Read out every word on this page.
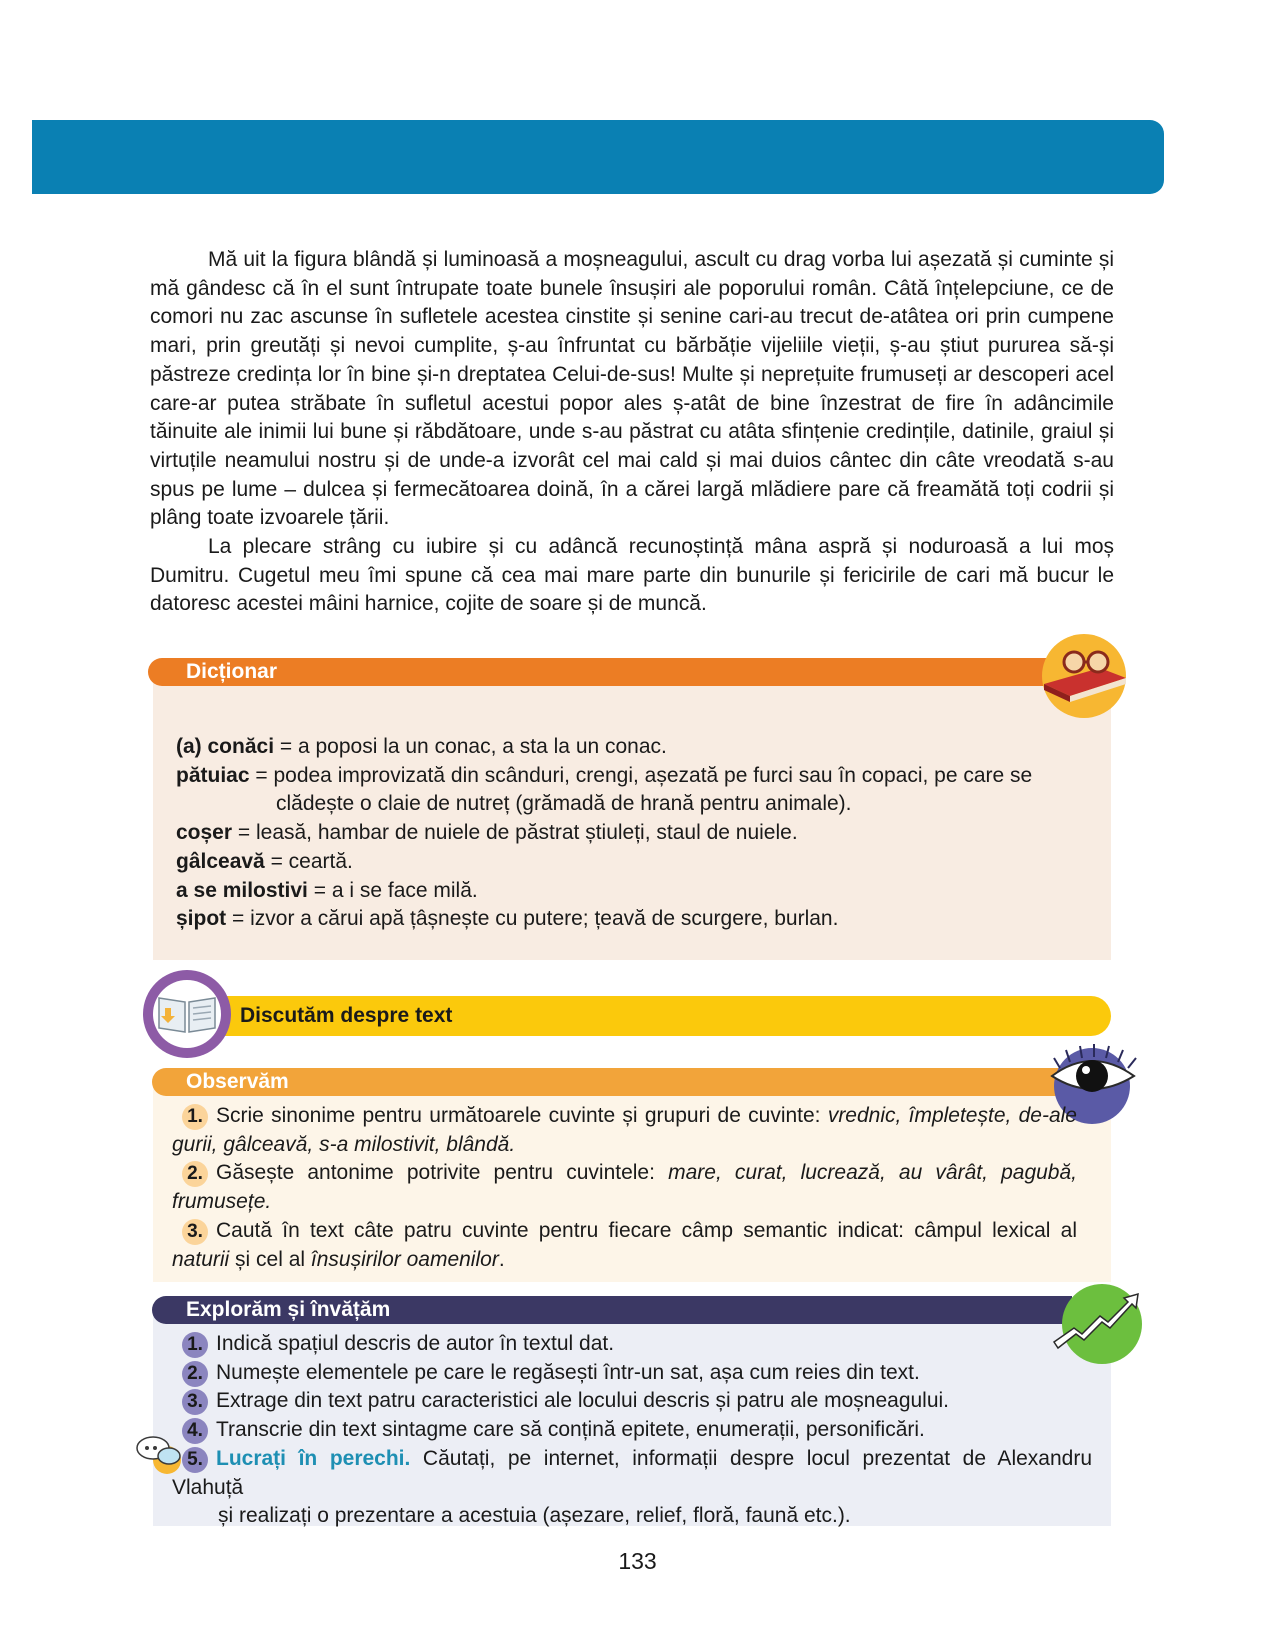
Mă uit la figura blândă și luminoasă a moșneagului, ascult cu drag vorba lui așezată și cuminte și mă gândesc că în el sunt întrupate toate bunele însușiri ale poporului român. Câtă înțelepciune, ce de comori nu zac ascunse în sufletele acestea cinstite și senine cari-au trecut de-atâtea ori prin cumpene mari, prin greutăți și nevoi cumplite, ș-au înfruntat cu bărbăție vijeliile vieții, ș-au știut pururea să-și păstreze credința lor în bine și-n dreptatea Celui-de-sus! Multe și neprețuite frumuseți ar descoperi acel care-ar putea străbate în sufletul acestui popor ales ș-atât de bine înzestrat de fire în adâncimile tăinuite ale inimii lui bune și răbdătoare, unde s-au păstrat cu atâta sfințenie credințile, datinile, graiul și virtuțile neamului nostru și de unde-a izvorât cel mai cald și mai duios cântec din câte vreodată s-au spus pe lume – dulcea și fermecătoarea doină, în a cărei largă mlădiere pare că freamătă toți codrii și plâng toate izvoarele țării.

La plecare strâng cu iubire și cu adâncă recunoștință mâna aspră și noduroasă a lui moș Dumitru. Cugetul meu îmi spune că cea mai mare parte din bunurile și fericirile de cari mă bucur le datoresc acestei mâini harnice, cojite de soare și de muncă.

Dicționar

(a) conăci = a poposi la un conac, a sta la un conac.

pătuiac = podea improvizată din scânduri, crengi, așezată pe furci sau în copaci, pe care se

clădește o claie de nutreț (grămadă de hrană pentru animale).

coșer = leasă, hambar de nuiele de păstrat știuleți, staul de nuiele.

gâlceavă = ceartă.

a se milostivi = a i se face milă.

șipot = izvor a cărui apă țâșnește cu putere; țeavă de scurgere, burlan.

Discutăm despre text
Observăm

1. Scrie sinonime pentru următoarele cuvinte și grupuri de cuvinte: vrednic, împletește, de-ale gurii, gâlceavă, s-a milostivit, blândă.

2. Găsește antonime potrivite pentru cuvintele: mare, curat, lucrează, au vârât, pagubă, frumusețe.

3. Caută în text câte patru cuvinte pentru fiecare câmp semantic indicat: câmpul lexical al naturii și cel al însușirilor oamenilor.

Explorăm și învățăm

1. Indică spațiul descris de autor în textul dat.

2. Numește elementele pe care le regăsești într-un sat, așa cum reies din text.

3. Extrage din text patru caracteristici ale locului descris și patru ale moșneagului.

4. Transcrie din text sintagme care să conțină epitete, enumerații, personificări.

5. Lucrați în perechi. Căutați, pe internet, informații despre locul prezentat de Alexandru Vlahuță

și realizați o prezentare a acestuia (așezare, relief, floră, faună etc.).

133
